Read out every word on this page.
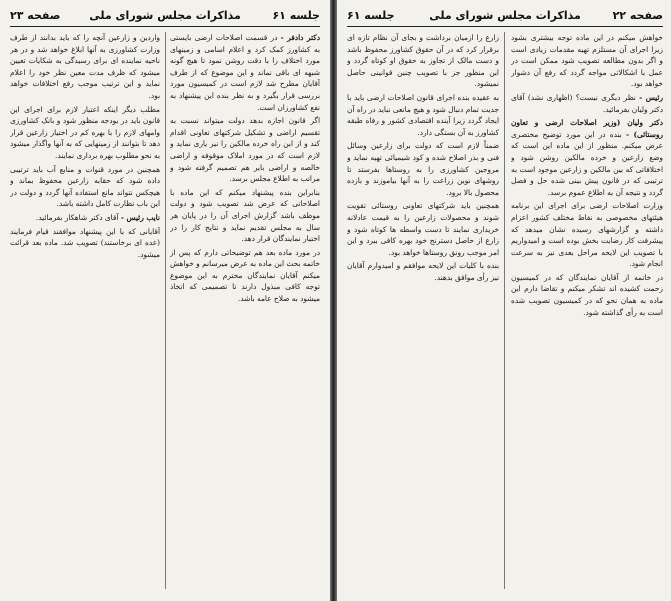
صفحه ۲۳	مذاکرات مجلس شورای ملی	جلسه ۶۱

دکتر دادفر - در قسمت اصلاحات ارضی بایستی به کشاورز کمک کرد و اعلام اسامی و زمینهای مورد اختلاف را با دقت روشن نمود تا هیچ گونه شبهه ای باقی نماند و این موضوع که از طرف آقایان مطرح شد لازم است در کمیسیون مورد بررسی قرار بگیرد و به نظر بنده این پیشنهاد به نفع کشاورزان است.

اگر قانون اجازه بدهد دولت میتواند نسبت به تقسیم اراضی و تشکیل شرکتهای تعاونی اقدام کند و از این راه خرده مالکین را نیز یاری نماید و لازم است که در مورد املاک موقوفه و اراضی خالصه و اراضی بایر هم تصمیم گرفته شود و مراتب به اطلاع مجلس برسد.

بنابراین بنده پیشنهاد میکنم که این ماده با اصلاحاتی که عرض شد تصویب شود و دولت موظف باشد گزارش اجرای آن را در پایان هر سال به مجلس تقدیم نماید و نتایج کار را در اختیار نمایندگان قرار دهد.

در مورد ماده بعد هم توضیحاتی دارم که پس از خاتمه بحث این ماده به عرض میرسانم و خواهش میکنم آقایان نمایندگان محترم به این موضوع توجه کافی مبذول دارند تا تصمیمی که اتخاذ میشود به صلاح عامه باشد.

واردین و زارعین آنچه را که باید بدانند از طرف وزارت کشاورزی به آنها ابلاغ خواهد شد و در هر ناحیه نماینده ای برای رسیدگی به شکایات تعیین میشود که ظرف مدت معین نظر خود را اعلام نماید و این ترتیب موجب رفع اختلافات خواهد بود.

مطلب دیگر اینکه اعتبار لازم برای اجرای این قانون باید در بودجه منظور شود و بانک کشاورزی وامهای لازم را با بهره کم در اختیار زارعین قرار دهد تا بتوانند از زمینهایی که به آنها واگذار میشود به نحو مطلوب بهره برداری نمایند.

همچنین در مورد قنوات و منابع آب باید ترتیبی داده شود که حقابه زارعین محفوظ بماند و هیچکس نتواند مانع استفاده آنها گردد و دولت در این باب نظارت کامل داشته باشد.

نایب رئیس - آقای دکتر شاهکار بفرمائید.

آقایانی که با این پیشنهاد موافقند قیام فرمایند (عده ای برخاستند) تصویب شد. ماده بعد قرائت میشود.

صفحه ۲۲
مذاکرات مجلس شورای ملی
جلسه ۶۱

خواهش میکنم در این ماده توجه بیشتری بشود زیرا اجرای آن مستلزم تهیه مقدمات زیادی است و اگر بدون مطالعه تصویب شود ممکن است در عمل با اشکالاتی مواجه گردد که رفع آن دشوار خواهد بود.

رئیس - نظر دیگری نیست؟ (اظهاری نشد) آقای دکتر ولیان بفرمائید.

دکتر ولیان (وزیر اصلاحات ارضی و تعاون روستائی) - بنده در این مورد توضیح مختصری عرض میکنم. منظور از این ماده این است که وضع زارعین و خرده مالکین روشن شود و اختلافاتی که بین مالکین و زارعین موجود است به ترتیبی که در قانون پیش بینی شده حل و فصل گردد و نتیجه آن به اطلاع عموم برسد.

وزارت اصلاحات ارضی برای اجرای این برنامه هیئتهای مخصوصی به نقاط مختلف کشور اعزام داشته و گزارشهای رسیده نشان میدهد که پیشرفت کار رضایت بخش بوده است و امیدواریم با تصویب این لایحه مراحل بعدی نیز به سرعت انجام شود.

در خاتمه از آقایان نمایندگان که در کمیسیون زحمت کشیده اند تشکر میکنم و تقاضا دارم این ماده به همان نحو که در کمیسیون تصویب شده است به رأی گذاشته شود.

زارع را ازمیان برداشت و بجای آن نظام تازه ای برقرار کرد که در آن حقوق کشاورز محفوظ باشد و دست مالک از تجاوز به حقوق او کوتاه گردد و این منظور جز با تصویب چنین قوانینی حاصل نمیشود.

به عقیده بنده اجرای قانون اصلاحات ارضی باید با جدیت تمام دنبال شود و هیچ مانعی نباید در راه آن ایجاد گردد زیرا آینده اقتصادی کشور و رفاه طبقه کشاورز به آن بستگی دارد.

ضمناً لازم است که دولت برای زارعین وسائل فنی و بذر اصلاح شده و کود شیمیائی تهیه نماید و مروجین کشاورزی را به روستاها بفرستد تا روشهای نوین زراعت را به آنها بیاموزند و بازده محصول بالا برود.

همچنین باید شرکتهای تعاونی روستائی تقویت شوند و محصولات زارعین را به قیمت عادلانه خریداری نمایند تا دست واسطه ها کوتاه شود و زارع از حاصل دسترنج خود بهره کافی ببرد و این امر موجب رونق روستاها خواهد بود.

بنده با کلیات این لایحه موافقم و امیدوارم آقایان نیز رأی موافق بدهند.
